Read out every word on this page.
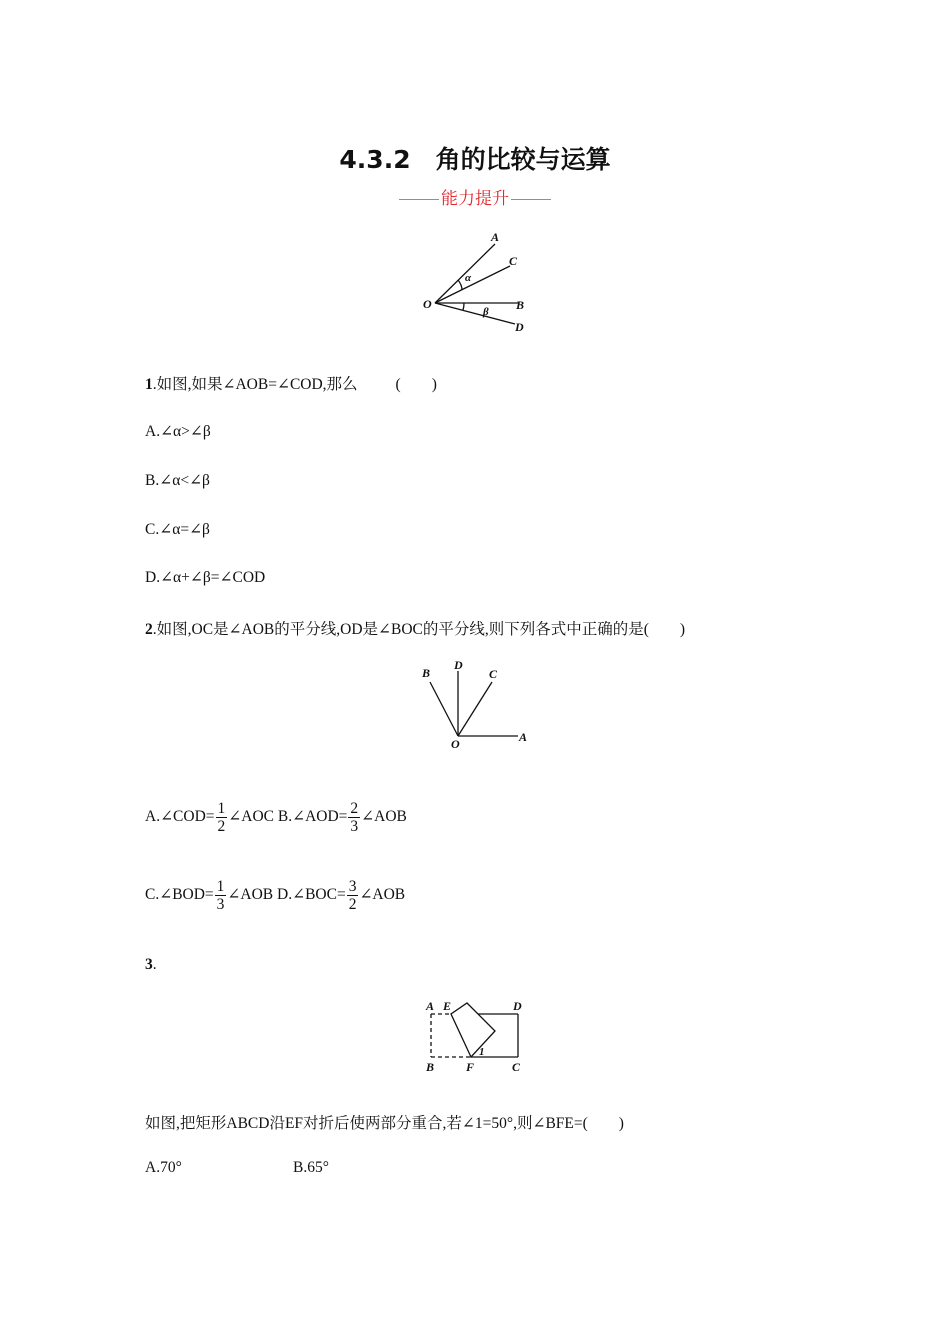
4.3.2　角的比较与运算
能力提升
A
C
O	B
D
α
β
1.如图,如果∠AOB=∠COD,那么 (　　)
A.∠α>∠β
B.∠α<∠β
C.∠α=∠β
D.∠α+∠β=∠COD
2.如图,OC是∠AOB的平分线,OD是∠BOC的平分线,则下列各式中正确的是(　　)
B
D
C
O	A
A.∠COD= $\frac{1}{2}$ ∠AOC B.∠AOD= $\frac{2}{3}$ ∠AOB
C.∠BOD= $\frac{1}{3}$ ∠AOB D.∠BOC= $\frac{3}{2}$ ∠AOB
3.
A E	D
B	F	C
1
如图,把矩形ABCD沿EF对折后使两部分重合,若∠1=50°,则∠BFE=(　　)
A.70°	B.65°
